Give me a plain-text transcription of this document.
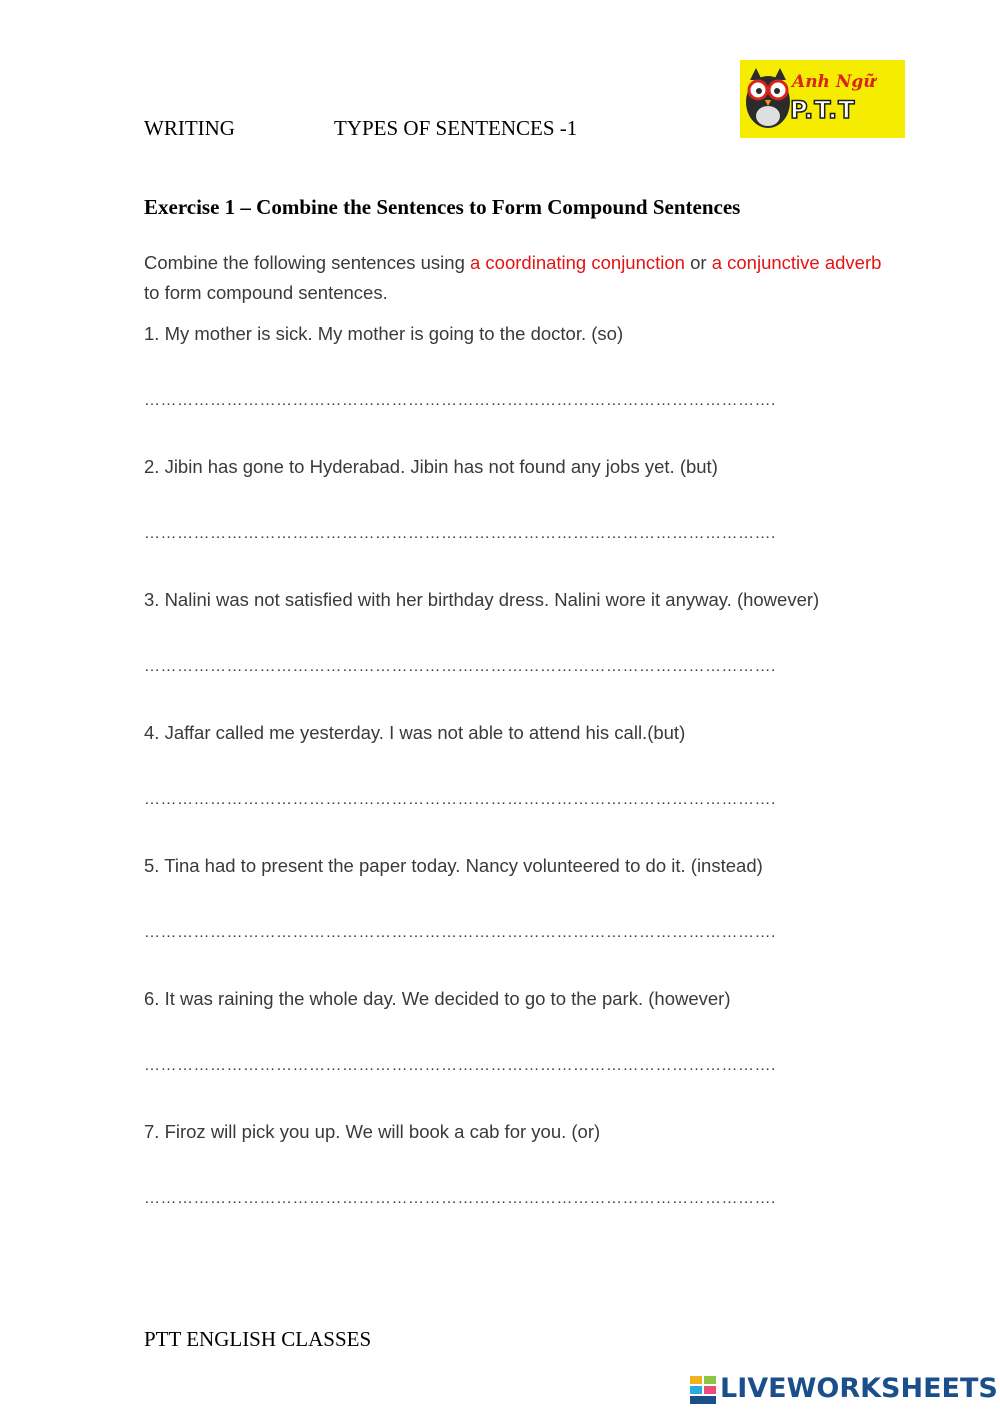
WRITING	TYPES OF SENTENCES -1
Anh Ngữ
P.T.T
Exercise 1 – Combine the Sentences to Form Compound Sentences
Combine the following sentences using a coordinating conjunction or a conjunctive adverb to form compound sentences.
1. My mother is sick. My mother is going to the doctor. (so)
…………………………………………………………………………………………………….
2. Jibin has gone to Hyderabad. Jibin has not found any jobs yet. (but)
…………………………………………………………………………………………………….
3. Nalini was not satisfied with her birthday dress. Nalini wore it anyway. (however)
…………………………………………………………………………………………………….
4. Jaffar called me yesterday. I was not able to attend his call.(but)
…………………………………………………………………………………………………….
5. Tina had to present the paper today. Nancy volunteered to do it. (instead)
…………………………………………………………………………………………………….
6. It was raining the whole day. We decided to go to the park. (however)
…………………………………………………………………………………………………….
7. Firoz will pick you up. We will book a cab for you. (or)
…………………………………………………………………………………………………….
PTT ENGLISH CLASSES
LIVEWORKSHEETS
